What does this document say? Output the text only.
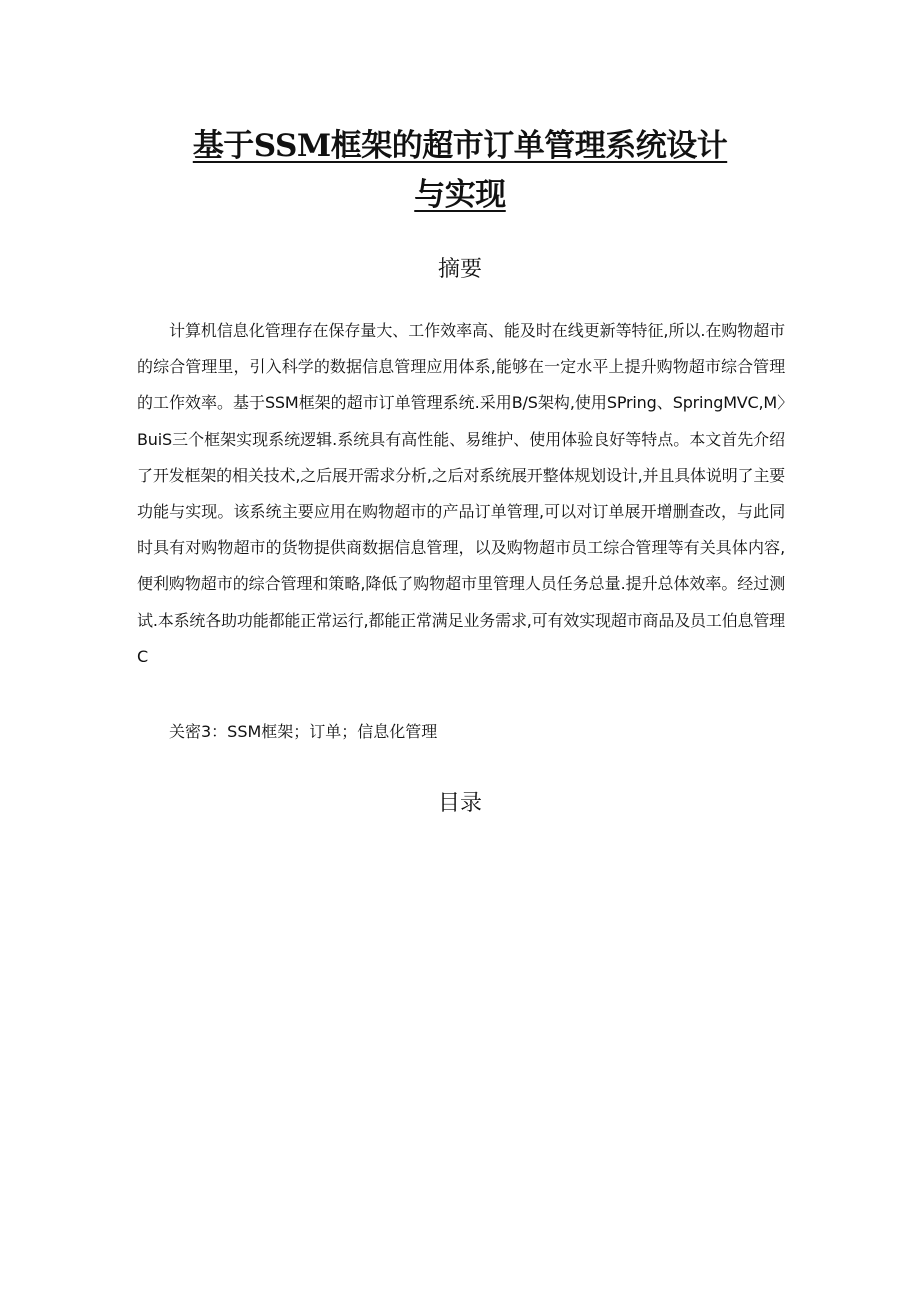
基于SSM框架的超市订单管理系统设计
与实现
摘要

计算机信息化管理存在保存量大、工作效率高、能及时在线更新等特征,所以.在购物超市的综合管理里，引入科学的数据信息管理应用体系,能够在一定水平上提升购物超市综合管理的工作效率。基于SSM框架的超市订单管理系统.采用B/S架构,使用SPring、SpringMVC,M〉BuiS三个框架实现系统逻辑.系统具有高性能、易维护、使用体验良好等特点。本文首先介绍了开发框架的相关技术,之后展开需求分析,之后对系统展开整体规划设计,并且具体说明了主要功能与实现。该系统主要应用在购物超市的产品订单管理,可以对订单展开增删查改，与此同时具有对购物超市的货物提供商数据信息管理，以及购物超市员工综合管理等有关具体内容,便利购物超市的综合管理和策略,降低了购物超市里管理人员任务总量.提升总体效率。经过测试.本系统各助功能都能正常运行,都能正常满足业务需求,可有效实现超市商品及员工伯息管理C

关密3：SSM框架；订单；信息化管理

目录
